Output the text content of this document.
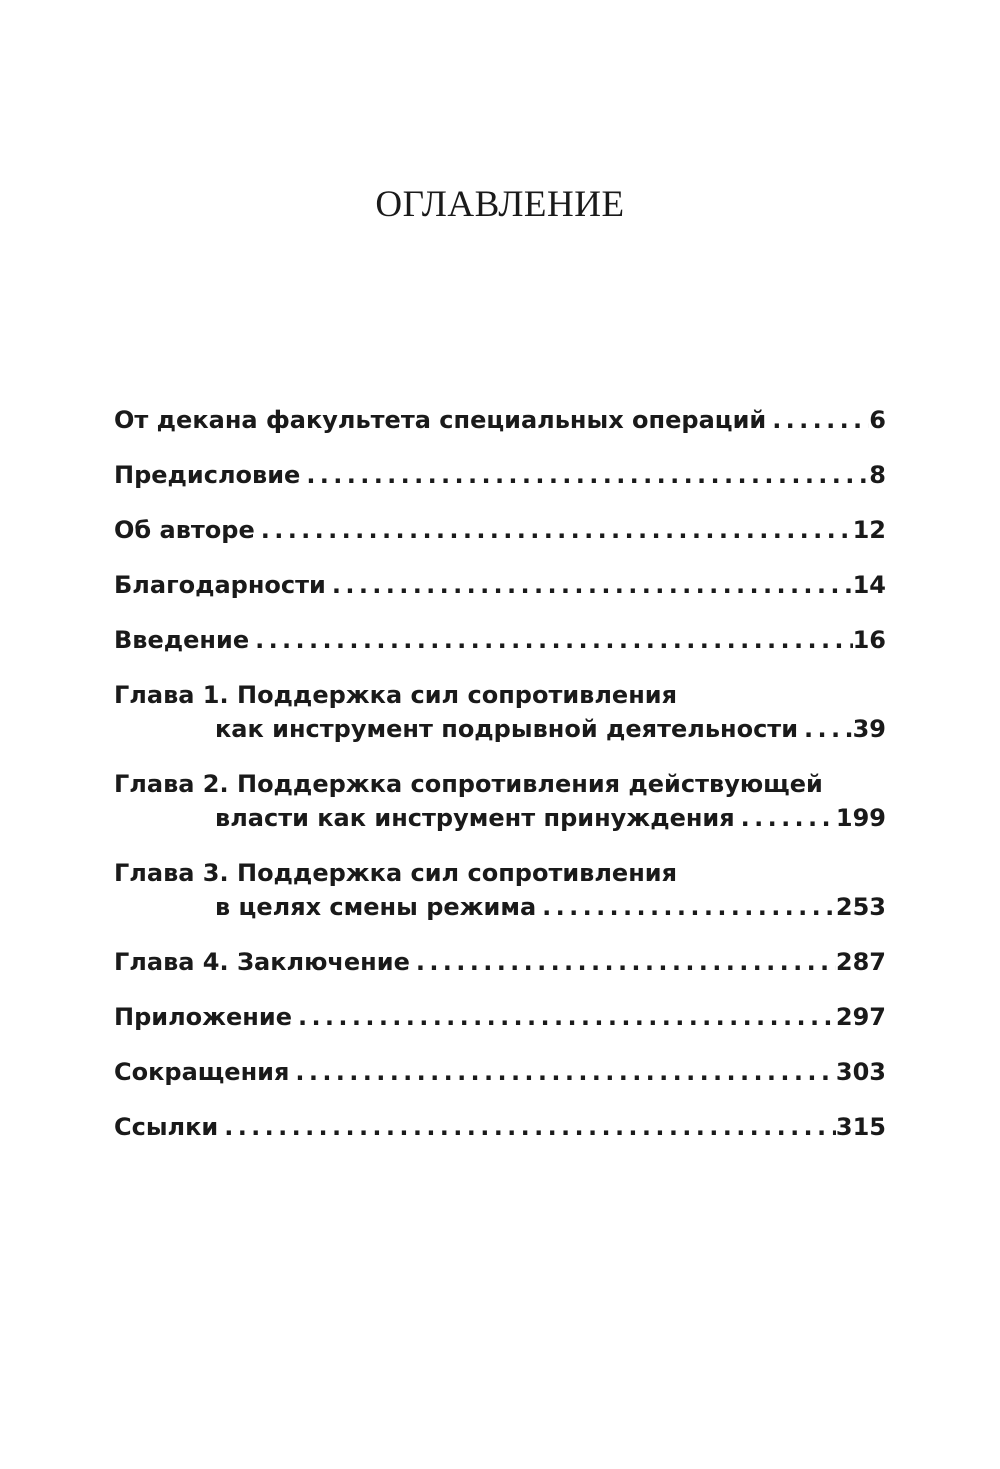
ОГЛАВЛЕНИЕ
От декана факультета специальных операций . . .	6
Предисловие . . .	8
Об авторе . . .	12
Благодарности . . .	14
Введение . . .	16
Глава 1. Поддержка сил сопротивления
как инструмент подрывной деятельности . . . 39
Глава 2. Поддержка сопротивления действующей
власти как инструмент принуждения . . .	199
Глава 3. Поддержка сил сопротивления
в целях смены режима . . .	253
Глава 4. Заключение . . .	287
Приложение . . .	297
Сокращения . . .	303
Ссылки . . .	315
